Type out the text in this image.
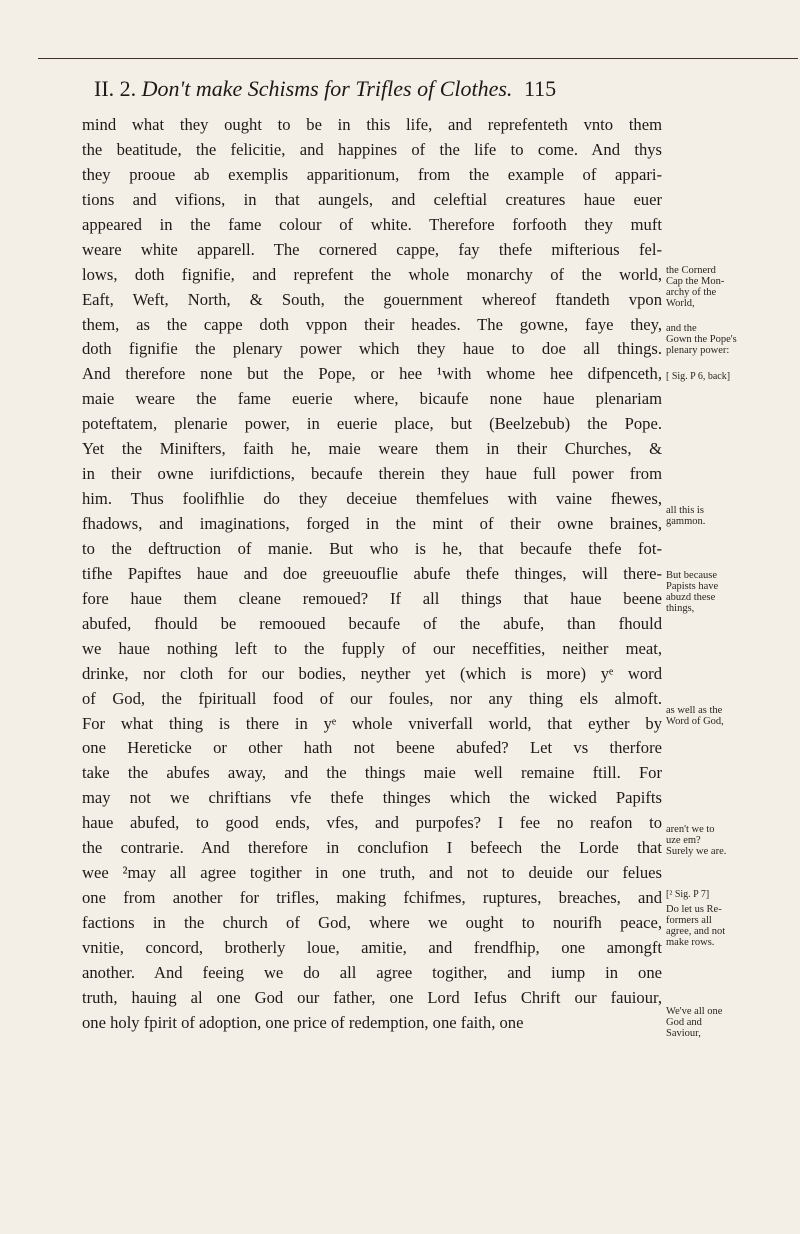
II. 2. Don't make Schisms for Trifles of Clothes. 115
mind what they ought to be in this life, and reprefenteth vnto them
the beatitude, the felicitie, and happines of the life to come. And thys
they prooue ab exemplis apparitionum, from the example of appari-
tions and vifions, in that aungels, and celeftial creatures haue euer
appeared in the fame colour of white. Therefore forfooth they muft
weare white apparell. The cornered cappe, fay thefe mifterious fel-
lows, doth fignifie, and reprefent the whole monarchy of the world,
Eaft, Weft, North, & South, the gouernment whereof ftandeth vpon
them, as the cappe doth vppon their heades. The gowne, faye they,
doth fignifie the plenary power which they haue to doe all things.
And therefore none but the Pope, or hee ¹with whome hee difpenceth,
maie weare the fame euerie where, bicaufe none haue plenariam
poteftatem, plenarie power, in euerie place, but (Beelzebub) the Pope.
Yet the Minifters, faith he, maie weare them in their Churches, &
in their owne iurifdictions, becaufe therein they haue full power from
him. Thus foolifhlie do they deceiue themfelues with vaine fhewes,
fhadows, and imaginations, forged in the mint of their owne braines,
to the deftruction of manie. But who is he, that becaufe thefe fot-
tifhe Papiftes haue and doe greeuouflie abufe thefe thinges, will there-
fore haue them cleane remoued? If all things that haue beene
abufed, fhould be remooued becaufe of the abufe, than fhould
we haue nothing left to the fupply of our neceffities, neither meat,
drinke, nor cloth for our bodies, neyther yet (which is more) yᵉ word
of God, the fpirituall food of our foules, nor any thing els almoft.
For what thing is there in yᵉ whole vniverfall world, that eyther by
one Hereticke or other hath not beene abufed? Let vs therfore
take the abufes away, and the things maie well remaine ftill. For
may not we chriftians vfe thefe thinges which the wicked Papifts
haue abufed, to good ends, vfes, and purpofes? I fee no reafon to
the contrarie. And therefore in conclufion I befeech the Lorde that
wee ²may all agree togither in one truth, and not to deuide our felues
one from another for trifles, making fchifmes, ruptures, breaches, and
factions in the church of God, where we ought to nourifh peace,
vnitie, concord, brotherly loue, amitie, and frendfhip, one amongft
another. And feeing we do all agree togither, and iump in one
truth, hauing al one God our father, one Lord Iefus Chrift our fauiour,
one holy fpirit of adoption, one price of redemption, one faith, one
the Cornerd
Cap the Mon-
archy of the
World,
and the
Gown the Pope's
plenary power:
[ Sig. P 6, back]
all this is
gammon.
But because
Papists have
abuzd these
things,
as well as the
Word of God,
aren't we to
uze em?
Surely we are.
[² Sig. P 7]
Do let us Re-
formers all
agree, and not
make rows.
We've all one
God and
Saviour,
